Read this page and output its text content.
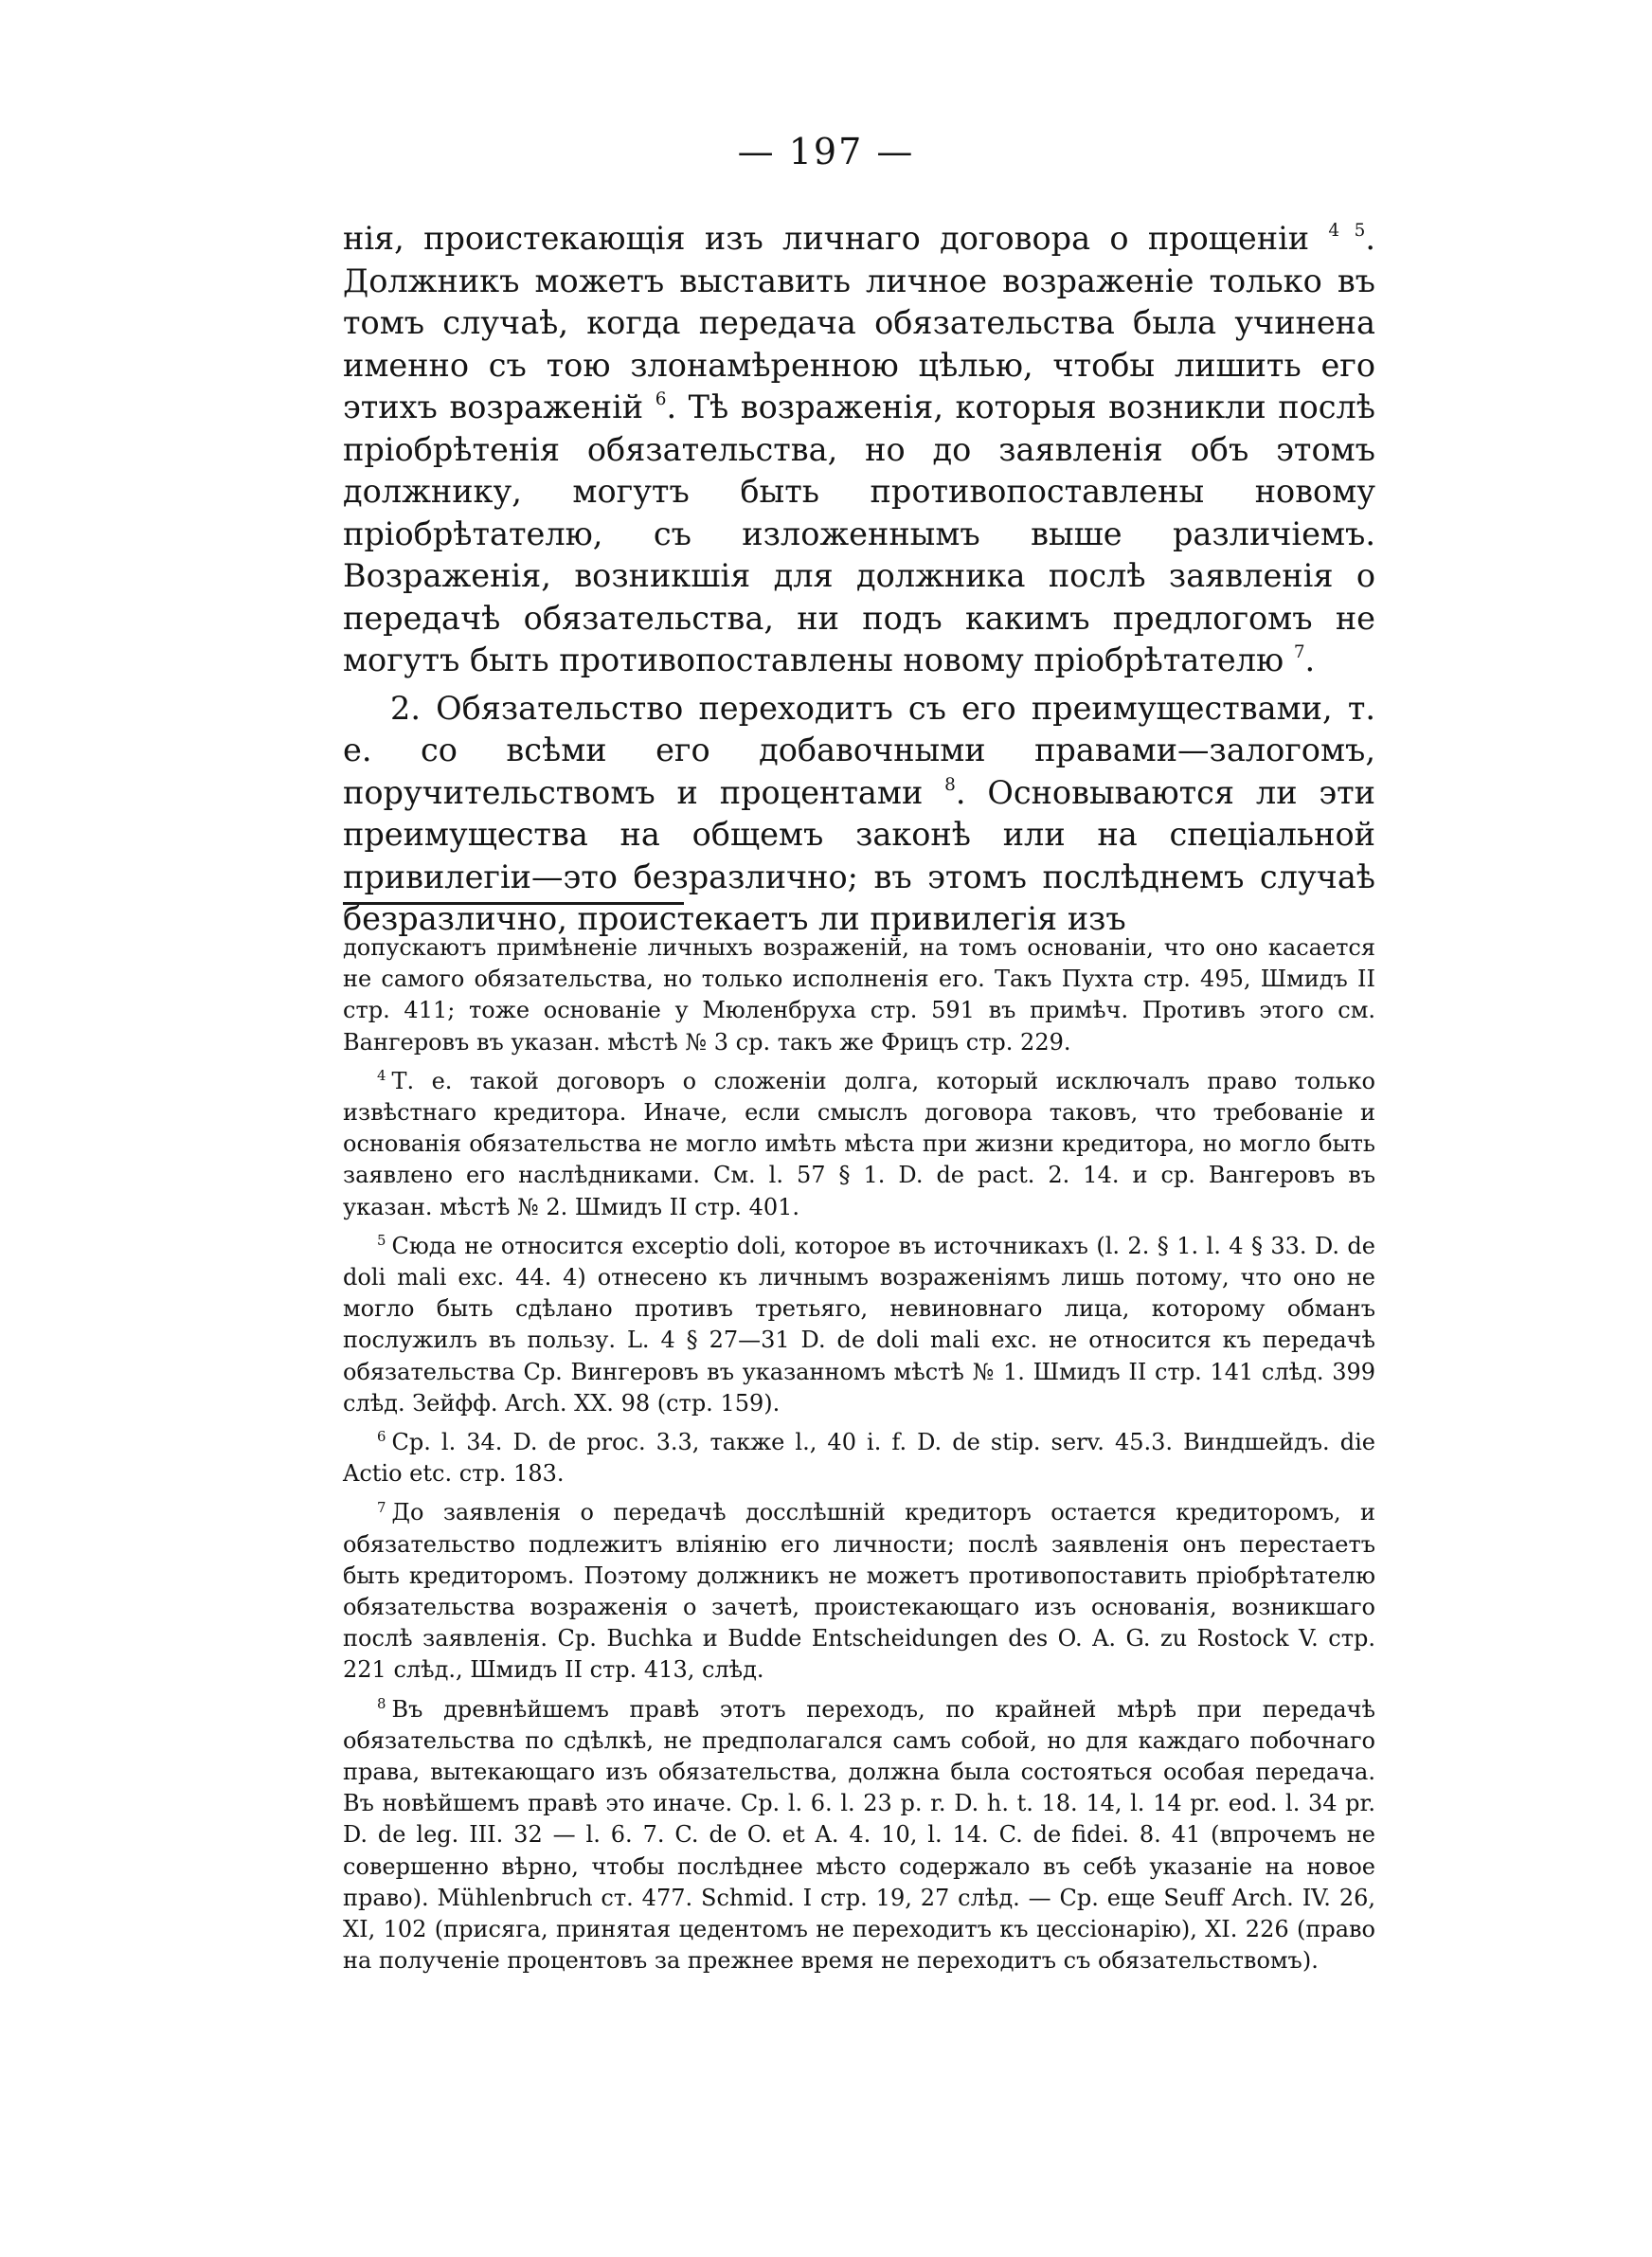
— 197 —

нія, проистекающія изъ личнаго договора о прощеніи $^{4 5}$. Должникъ можетъ выставить личное возраженіе только въ томъ случаѣ, когда передача обязательства была учинена именно съ тою злонамѣренною цѣлью, чтобы лишить его этихъ возраженій $^6$. Тѣ возраженія, которыя возникли послѣ пріобрѣтенія обязательства, но до заявленія объ этомъ должнику, могутъ быть противопоставлены новому пріобрѣтателю, съ изложеннымъ выше различіемъ. Возраженія, возникшія для должника послѣ заявленія о передачѣ обязательства, ни подъ какимъ предлогомъ не могутъ быть противопоставлены новому пріобрѣтателю $^7$.

2. Обязательство переходитъ съ его преимуществами, т. е. со всѣми его добавочными правами—залогомъ, поручительствомъ и процентами $^8$. Основываются ли эти преимущества на общемъ законѣ или на спеціальной привилегіи—это безразлично; въ этомъ послѣднемъ случаѣ безразлично, проистекаетъ ли привилегія изъ

допускаютъ примѣненіе личныхъ возраженій, на томъ основаніи, что оно касается не самого обязательства, но только исполненія его. Такъ Пухта стр. 495, Шмидъ II стр. 411; тоже основаніе у Мюленбруха стр. 591 въ примѣч. Противъ этого см. Вангеровъ въ указан. мѣстѣ № 3 ср. такъ же Фрицъ стр. 229.

$^4$ Т. е. такой договоръ о сложеніи долга, который исключалъ право только извѣстнаго кредитора. Иначе, если смыслъ договора таковъ, что требованіе и основанія обязательства не могло имѣть мѣста при жизни кредитора, но могло быть заявлено его наслѣдниками. См. l. 57 § 1. D. de pact. 2. 14. и ср. Вангеровъ въ указан. мѣстѣ № 2. Шмидъ II стр. 401.

$^5$ Сюда не относится exceptio doli, которое въ источникахъ (l. 2. § 1. l. 4 § 33. D. de doli mali exc. 44. 4) отнесено къ личнымъ возраженіямъ лишь потому, что оно не могло быть сдѣлано противъ третьяго, невиновнаго лица, которому обманъ послужилъ въ пользу. L. 4 § 27—31 D. de doli mali exc. не относится къ передачѣ обязательства Ср. Вингеровъ въ указанномъ мѣстѣ № 1. Шмидъ II стр. 141 слѣд. 399 слѣд. Зейфф. Arch. XX. 98 (стр. 159).

$^6$ Ср. l. 34. D. de proc. 3.3, также l., 40 i. f. D. de stip. serv. 45.3. Виндшейдъ. die Actio etc. стр. 183.

$^7$ До заявленія о передачѣ досслѣшній кредиторъ остается кредиторомъ, и обязательство подлежитъ вліянію его личности; послѣ заявленія онъ перестаетъ быть кредиторомъ. Поэтому должникъ не можетъ противопоставить пріобрѣтателю обязательства возраженія о зачетѣ, проистекающаго изъ основанія, возникшаго послѣ заявленія. Ср. Buchka и Budde Entscheidungen des O. A. G. zu Rostock V. стр. 221 слѣд., Шмидъ II стр. 413, слѣд.

$^8$ Въ древнѣйшемъ правѣ этотъ переходъ, по крайней мѣрѣ при передачѣ обязательства по сдѣлкѣ, не предполагался самъ собой, но для каждаго побочнаго права, вытекающаго изъ обязательства, должна была состояться особая передача. Въ новѣйшемъ правѣ это иначе. Ср. l. 6. l. 23 p. r. D. h. t. 18. 14, l. 14 pr. eod. l. 34 pr. D. de leg. III. 32 — l. 6. 7. C. de O. et A. 4. 10, l. 14. C. de fidei. 8. 41 (впрочемъ не совершенно вѣрно, чтобы послѣднее мѣсто содержало въ себѣ указаніе на новое право). Mühlenbruch ст. 477. Schmid. I стр. 19, 27 слѣд. — Ср. еще Seuff Arch. IV. 26, XI, 102 (присяга, принятая цедентомъ не переходитъ къ цессіонарію), XI. 226 (право на полученіе процентовъ за прежнее время не переходитъ съ обязательствомъ).
